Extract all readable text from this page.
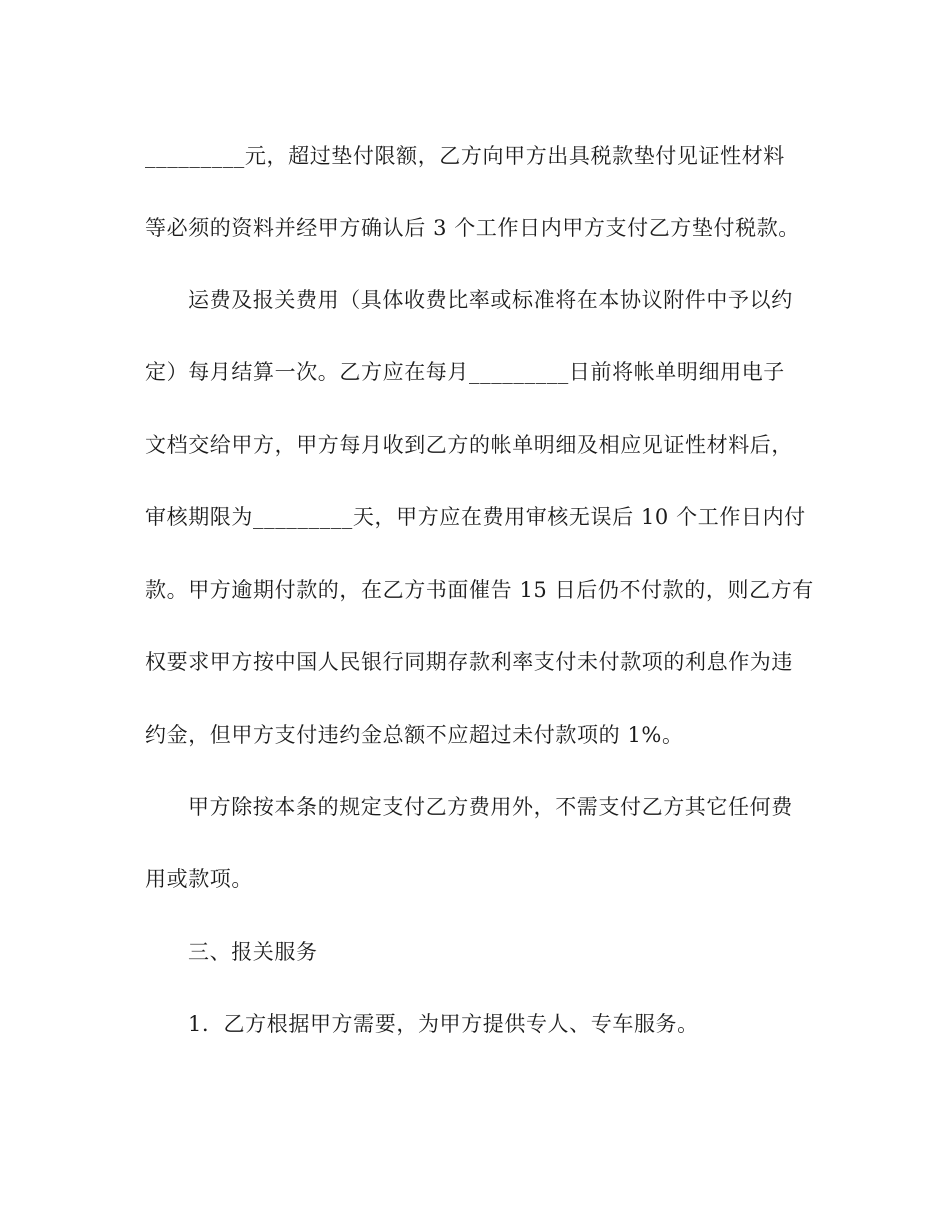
_________元，超过垫付限额，乙方向甲方出具税款垫付见证性材料
等必须的资料并经甲方确认后 3 个工作日内甲方支付乙方垫付税款。
运费及报关费用（具体收费比率或标准将在本协议附件中予以约
定）每月结算一次。乙方应在每月_________日前将帐单明细用电子
文档交给甲方，甲方每月收到乙方的帐单明细及相应见证性材料后，
审核期限为_________天，甲方应在费用审核无误后 10 个工作日内付
款。甲方逾期付款的，在乙方书面催告 15 日后仍不付款的，则乙方有
权要求甲方按中国人民银行同期存款利率支付未付款项的利息作为违
约金，但甲方支付违约金总额不应超过未付款项的 1%。
甲方除按本条的规定支付乙方费用外，不需支付乙方其它任何费
用或款项。
三、报关服务
1．乙方根据甲方需要，为甲方提供专人、专车服务。
